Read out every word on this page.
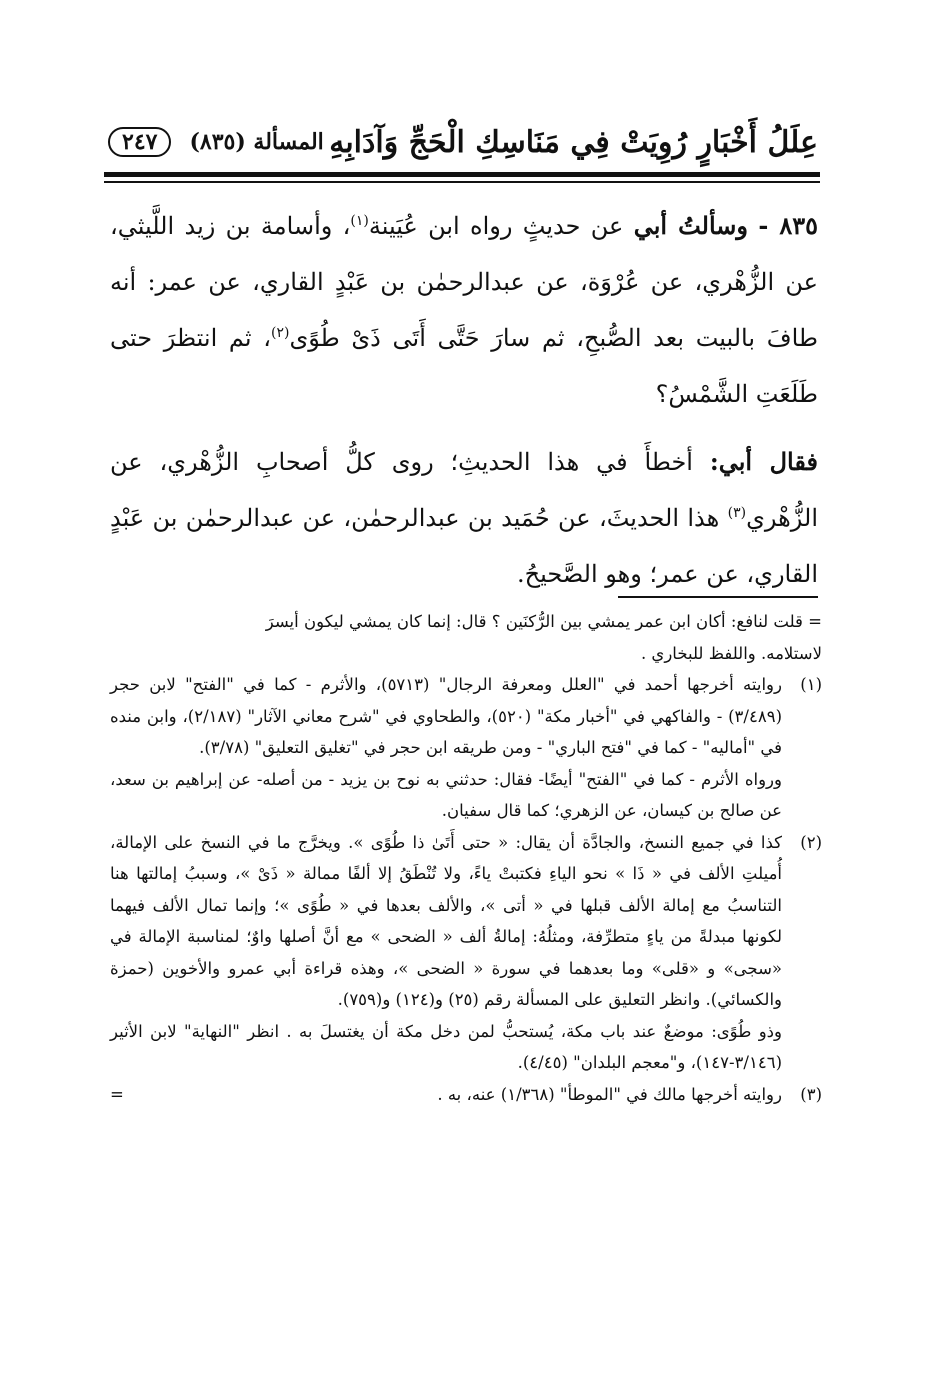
عِلَلُ أَخْبَارٍ رُوِيَتْ فِي مَنَاسِكِ الْحَجِّ وَآدَابِهِ
المسألة (٨٣٥)
٢٤٧

٨٣٥ - وسألتُ أبي عن حديثٍ رواه ابن عُيَينة$^{(١)}$، وأسامة بن زيد اللَّيثي، عن الزُّهْري، عن عُرْوَة، عن عبدالرحمٰن بن عَبْدٍ القاري، عن عمر: أنه طافَ بالبيت بعد الصُّبحِ، ثم سارَ حَتَّى أَتَى ذَىْ طُوًى$^{(٢)}$، ثم انتظرَ حتى طَلَعَتِ الشَّمْسُ؟

فقال أبي: أخطأَ في هذا الحديثِ؛ روى كلُّ أصحابِ الزُّهْري، عن الزُّهْري$^{(٣)}$ هذا الحديثَ، عن حُمَيد بن عبدالرحمٰن، عن عبدالرحمٰن بن عَبْدٍ القاري، عن عمر؛ وهو الصَّحيحُ.

= قلت لنافع: أكان ابن عمر يمشي بين الرُّكنَين ؟ قال: إنما كان يمشي ليكون أيسرَ

لاستلامه. واللفظ للبخاري .

(١)

روايته أخرجها أحمد في "العلل ومعرفة الرجال" (٥٧١٣)، والأثرم - كما في "الفتح" لابن حجر (٣/٤٨٩) - والفاكهي في "أخبار مكة" (٥٢٠)، والطحاوي في "شرح معاني الآثار" (٢/١٨٧)، وابن منده في "أماليه" - كما في "فتح الباري" - ومن طريقه ابن حجر في "تغليق التعليق" (٣/٧٨).

ورواه الأثرم - كما في "الفتح" أيضًا- فقال: حدثني به نوح بن يزيد - من أصله- عن إبراهيم بن سعد، عن صالح بن كيسان، عن الزهري؛ كما قال سفيان.

(٢)

كذا في جميع النسخ، والجادَّة أن يقال: « حتى أَتَىٰ ذا طُوًى ». ويخرَّج ما في النسخ على الإمالة، أُميلتِ الألف في « ذَا » نحو الياءِ فكتبتْ ياءً، ولا تُنْطَقُ إلا ألفًا ممالة « ذَىْ »، وسببُ إمالتها هنا التناسبُ مع إمالة الألف قبلها في « أتى »، والألف بعدها في « طُوًى »؛ وإنما تمال الألف فيهما لكونها مبدلةً من ياءٍ متطرِّفة، ومثلُهُ: إمالةُ ألف « الضحى » مع أنَّ أصلها واوٌ؛ لمناسبة الإمالة في «سجى» و «قلى» وما بعدهما في سورة « الضحى »، وهذه قراءة أبي عمرو والأخوين (حمزة والكسائي). وانظر التعليق على المسألة رقم (٢٥) و(١٢٤) و(٧٥٩).

وذو طُوًى: موضعٌ عند باب مكة، يُستحبُّ لمن دخل مكة أن يغتسلَ به . انظر "النهاية" لابن الأثير (٣/١٤٦-١٤٧)، و"معجم البلدان" (٤/٤٥).

(٣)
روايته أخرجها مالك في "الموطأ" (١/٣٦٨) عنه، به .
=
